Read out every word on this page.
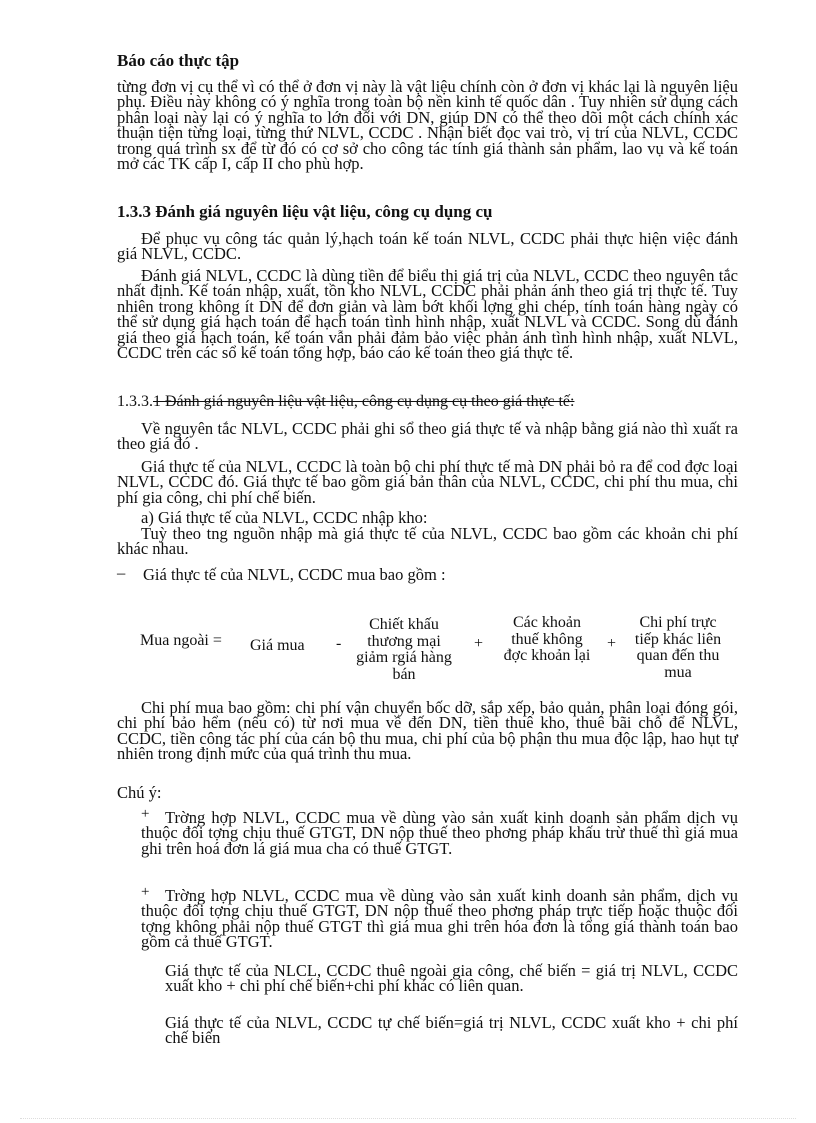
Báo cáo thực tập
từng đơn vị cụ thể vì có thể ở đơn vị này là vật liệu chính còn ở đơn vị khác lại là nguyên liệu phụ. Điều này không có ý nghĩa trong toàn bộ nền kinh tế quốc dân . Tuy nhiên sử dụng cách phân loại này lại có ý nghĩa to lớn đối với DN, giúp DN có thể theo dõi một cách chính xác thuận tiện từng loại, từng thứ NLVL, CCDC . Nhận biết đọc vai trò, vị trí của NLVL, CCDC trong quá trình sx để từ đó có cơ sở cho công tác tính giá thành sản phẩm, lao vụ và kế toán mở các TK cấp I, cấp II cho phù hợp.
1.3.3 Đánh giá nguyên liệu vật liệu, công cụ dụng cụ
Để phục vụ công tác quản lý,hạch toán kế toán NLVL, CCDC phải thực hiện việc đánh giá NLVL, CCDC.
Đánh giá NLVL, CCDC là dùng tiền để biểu thị giá trị của NLVL, CCDC theo nguyên tắc nhất định. Kế toán nhập, xuất, tồn kho NLVL, CCDC phải phản ánh theo giá trị thực tế. Tuy nhiên trong không ít DN để đơn giản và làm bớt khối lợng ghi chép, tính toán hàng ngày có thể sử dụng giá hạch toán để hạch toán tình hình nhập, xuất NLVL và CCDC. Song dù đánh giá theo giá hạch toán, kế toán vẫn phải đảm bảo việc phản ánh tình hình nhập, xuất NLVL, CCDC trên các sổ kế toán tổng hợp, báo cáo kế toán theo giá thực tế.
1.3.3.1 Đánh giá nguyên liệu vật liệu, công cụ dụng cụ theo giá thực tế:
Về nguyên tắc NLVL, CCDC phải ghi sổ theo giá thực tế và nhập bằng giá nào thì xuất ra theo giá đó .
Giá thực tế của NLVL, CCDC là toàn bộ chi phí thực tế mà DN phải bỏ ra để cod đợc loại NLVL, CCDC đó. Giá thực tế bao gồm giá bản thân của NLVL, CCDC, chi phí thu mua, chi phí gia công, chi phí chế biến.
a) Giá thực tế của NLVL, CCDC nhập kho:
Tuỳ theo tng nguồn nhập mà giá thực tế của NLVL, CCDC bao gồm các khoản chi phí khác nhau.
– Giá thực tế của NLVL, CCDC mua bao gồm :
Mua ngoài = Giá mua -
Chiết khấu thương mại giảm rgiá hàng bán
+
Các khoản thuế không đợc khoản lại
+
Chi phí trực tiếp khác liên quan đến thu mua
Chi phí mua bao gồm: chi phí vận chuyển bốc dỡ, sắp xếp, bảo quản, phân loại đóng gói, chi phí bảo hểm (nếu có) từ nơi mua về đến DN, tiền thuê kho, thuê bãi chỗ để NLVL, CCDC, tiền công tác phí của cán bộ thu mua, chi phí của bộ phận thu mua độc lập, hao hụt tự nhiên trong định mức của quá trình thu mua.
Chú ý:
+ Trờng hợp NLVL, CCDC mua về dùng vào sản xuất kinh doanh sản phẩm dịch vụ thuộc đối tợng chịu thuế GTGT, DN nộp thuế theo phơng pháp khấu trừ thuế thì giá mua ghi trên hoá đơn lá giá mua cha có thuế GTGT.
+ Trờng hợp NLVL, CCDC mua về dùng vào sản xuất kinh doanh sản phẩm, dịch vụ thuộc đối tợng chịu thuế GTGT, DN nộp thuế theo phơng pháp trực tiếp hoặc thuộc đối tợng không phải nộp thuế GTGT thì giá mua ghi trên hóa đơn là tổng giá thành toán bao gồm cả thuế GTGT.
Giá thực tế của NLCL, CCDC thuê ngoài gia công, chế biến = giá trị NLVL, CCDC xuất kho + chi phí chế biến+chi phí khác có liên quan.
Giá thực tế của NLVL, CCDC tự chế biến=giá trị NLVL, CCDC xuất kho + chi phí chế biến
